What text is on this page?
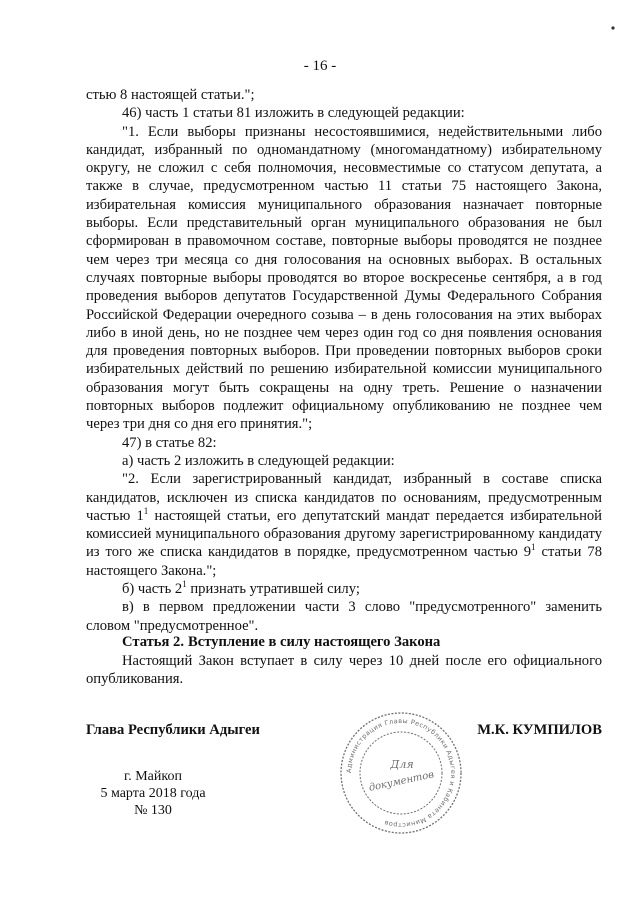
- 16 -

стью 8 настоящей статьи.";

46) часть 1 статьи 81 изложить в следующей редакции:

"1. Если выборы признаны несостоявшимися, недействительными либо кандидат, избранный по одномандатному (многомандатному) избирательному округу, не сложил с себя полномочия, несовместимые со статусом депутата, а также в случае, предусмотренном частью 11 статьи 75 настоящего Закона, избирательная комиссия муниципального образования назначает повторные выборы. Если представительный орган муниципального образования не был сформирован в правомочном составе, повторные выборы проводятся не позднее чем через три месяца со дня голосования на основных выборах. В остальных случаях повторные выборы проводятся во второе воскресенье сентября, а в год проведения выборов депутатов Государственной Думы Федерального Собрания Российской Федерации очередного созыва – в день голосования на этих выборах либо в иной день, но не позднее чем через один год со дня появления основания для проведения повторных выборов. При проведении повторных выборов сроки избирательных действий по решению избирательной комиссии муниципального образования могут быть сокращены на одну треть. Решение о назначении повторных выборов подлежит официальному опубликованию не позднее чем через три дня со дня его принятия.";

47) в статье 82:

а) часть 2 изложить в следующей редакции:

"2. Если зарегистрированный кандидат, избранный в составе списка кандидатов, исключен из списка кандидатов по основаниям, предусмотренным частью $1^1$ настоящей статьи, его депутатский мандат передается избирательной комиссией муниципального образования другому зарегистрированному кандидату из того же списка кандидатов в порядке, предусмотренном частью $9^1$ статьи 78 настоящего Закона.";

б) часть $2^1$ признать утратившей силу;

в) в первом предложении части 3 слово "предусмотренного" заменить словом "предусмотренное".

Статья 2. Вступление в силу настоящего Закона

Настоящий Закон вступает в силу через 10 дней после его официального опубликования.

Глава Республики Адыгеи	М.К. КУМПИЛОВ
г. Майкоп
5 марта 2018 года
№ 130
Администрация Главы Республики Адыгея и Кабинета Министров
Для
документов
